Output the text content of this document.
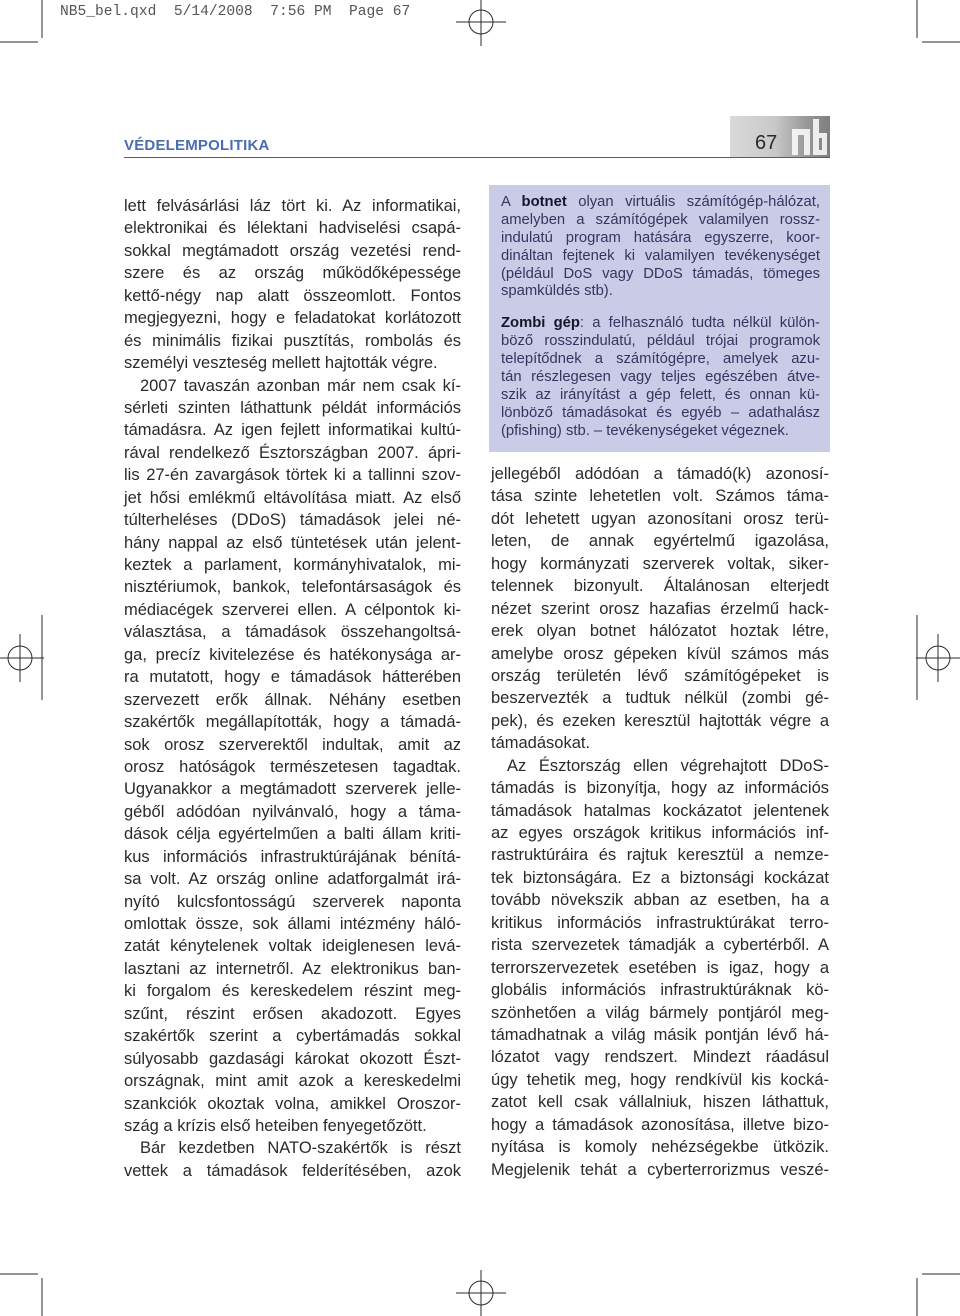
NB5_bel.qxd  5/14/2008  7:56 PM  Page 67
VÉDELEMPOLITIKA	67
lett felvásárlási láz tört ki. Az informatikai,
elektronikai és lélektani hadviselési csapá-
sokkal megtámadott ország vezetési rend-
szere és az ország működőképessége
kettő-négy nap alatt összeomlott. Fontos
megjegyezni, hogy e feladatokat korlátozott
és minimális fizikai pusztítás, rombolás és
személyi veszteség mellett hajtották végre.
2007 tavaszán azonban már nem csak kí-
sérleti szinten láthattunk példát információs
támadásra. Az igen fejlett informatikai kultú-
rával rendelkező Észtországban 2007. ápri-
lis 27-én zavargások törtek ki a tallinni szov-
jet hősi emlékmű eltávolítása miatt. Az első
túlterheléses (DDoS) támadások jelei né-
hány nappal az első tüntetések után jelent-
keztek a parlament, kormányhivatalok, mi-
nisztériumok, bankok, telefontársaságok és
médiacégek szerverei ellen. A célpontok ki-
választása, a támadások összehangoltsá-
ga, precíz kivitelezése és hatékonysága ar-
ra mutatott, hogy e támadások hátterében
szervezett erők állnak. Néhány esetben
szakértők megállapították, hogy a támadá-
sok orosz szerverektől indultak, amit az
orosz hatóságok természetesen tagadtak.
Ugyanakkor a megtámadott szerverek jelle-
géből adódóan nyilvánvaló, hogy a táma-
dások célja egyértelműen a balti állam kriti-
kus információs infrastruktúrájának bénítá-
sa volt. Az ország online adatforgalmát irá-
nyító kulcsfontosságú szerverek naponta
omlottak össze, sok állami intézmény háló-
zatát kénytelenek voltak ideiglenesen levá-
lasztani az internetről. Az elektronikus ban-
ki forgalom és kereskedelem részint meg-
szűnt, részint erősen akadozott. Egyes
szakértők szerint a cybertámadás sokkal
súlyosabb gazdasági károkat okozott Észt-
országnak, mint amit azok a kereskedelmi
szankciók okoztak volna, amikkel Oroszor-
szág a krízis első heteiben fenyegetőzött.
Bár kezdetben NATO-szakértők is részt
vettek a támadások felderítésében, azok
A botnet olyan virtuális számítógép-hálózat,
amelyben a számítógépek valamilyen rossz-
indulatú program hatására egyszerre, koor-
dináltan fejtenek ki valamilyen tevékenységet
(például DoS vagy DDoS támadás, tömeges
spamküldés stb).
Zombi gép: a felhasználó tudta nélkül külön-
böző rosszindulatú, például trójai programok
telepítődnek a számítógépre, amelyek azu-
tán részlegesen vagy teljes egészében átve-
szik az irányítást a gép felett, és onnan kü-
lönböző támadásokat és egyéb – adathalász
(pfishing) stb. – tevékenységeket végeznek.
jellegéből adódóan a támadó(k) azonosí-
tása szinte lehetetlen volt. Számos táma-
dót lehetett ugyan azonosítani orosz terü-
leten, de annak egyértelmű igazolása,
hogy kormányzati szerverek voltak, siker-
telennek bizonyult. Általánosan elterjedt
nézet szerint orosz hazafias érzelmű hack-
erek olyan botnet hálózatot hoztak létre,
amelybe orosz gépeken kívül számos más
ország területén lévő számítógépeket is
beszervezték a tudtuk nélkül (zombi gé-
pek), és ezeken keresztül hajtották végre a
támadásokat.
Az Észtország ellen végrehajtott DDoS-
támadás is bizonyítja, hogy az információs
támadások hatalmas kockázatot jelentenek
az egyes országok kritikus információs inf-
rastruktúráira és rajtuk keresztül a nemze-
tek biztonságára. Ez a biztonsági kockázat
tovább növekszik abban az esetben, ha a
kritikus információs infrastruktúrákat terro-
rista szervezetek támadják a cybertérből. A
terrorszervezetek esetében is igaz, hogy a
globális információs infrastruktúráknak kö-
szönhetően a világ bármely pontjáról meg-
támadhatnak a világ másik pontján lévő há-
lózatot vagy rendszert. Mindezt ráadásul
úgy tehetik meg, hogy rendkívül kis kocká-
zatot kell csak vállalniuk, hiszen láthattuk,
hogy a támadások azonosítása, illetve bizo-
nyítása is komoly nehézségekbe ütközik.
Megjelenik tehát a cyberterrorizmus veszé-
